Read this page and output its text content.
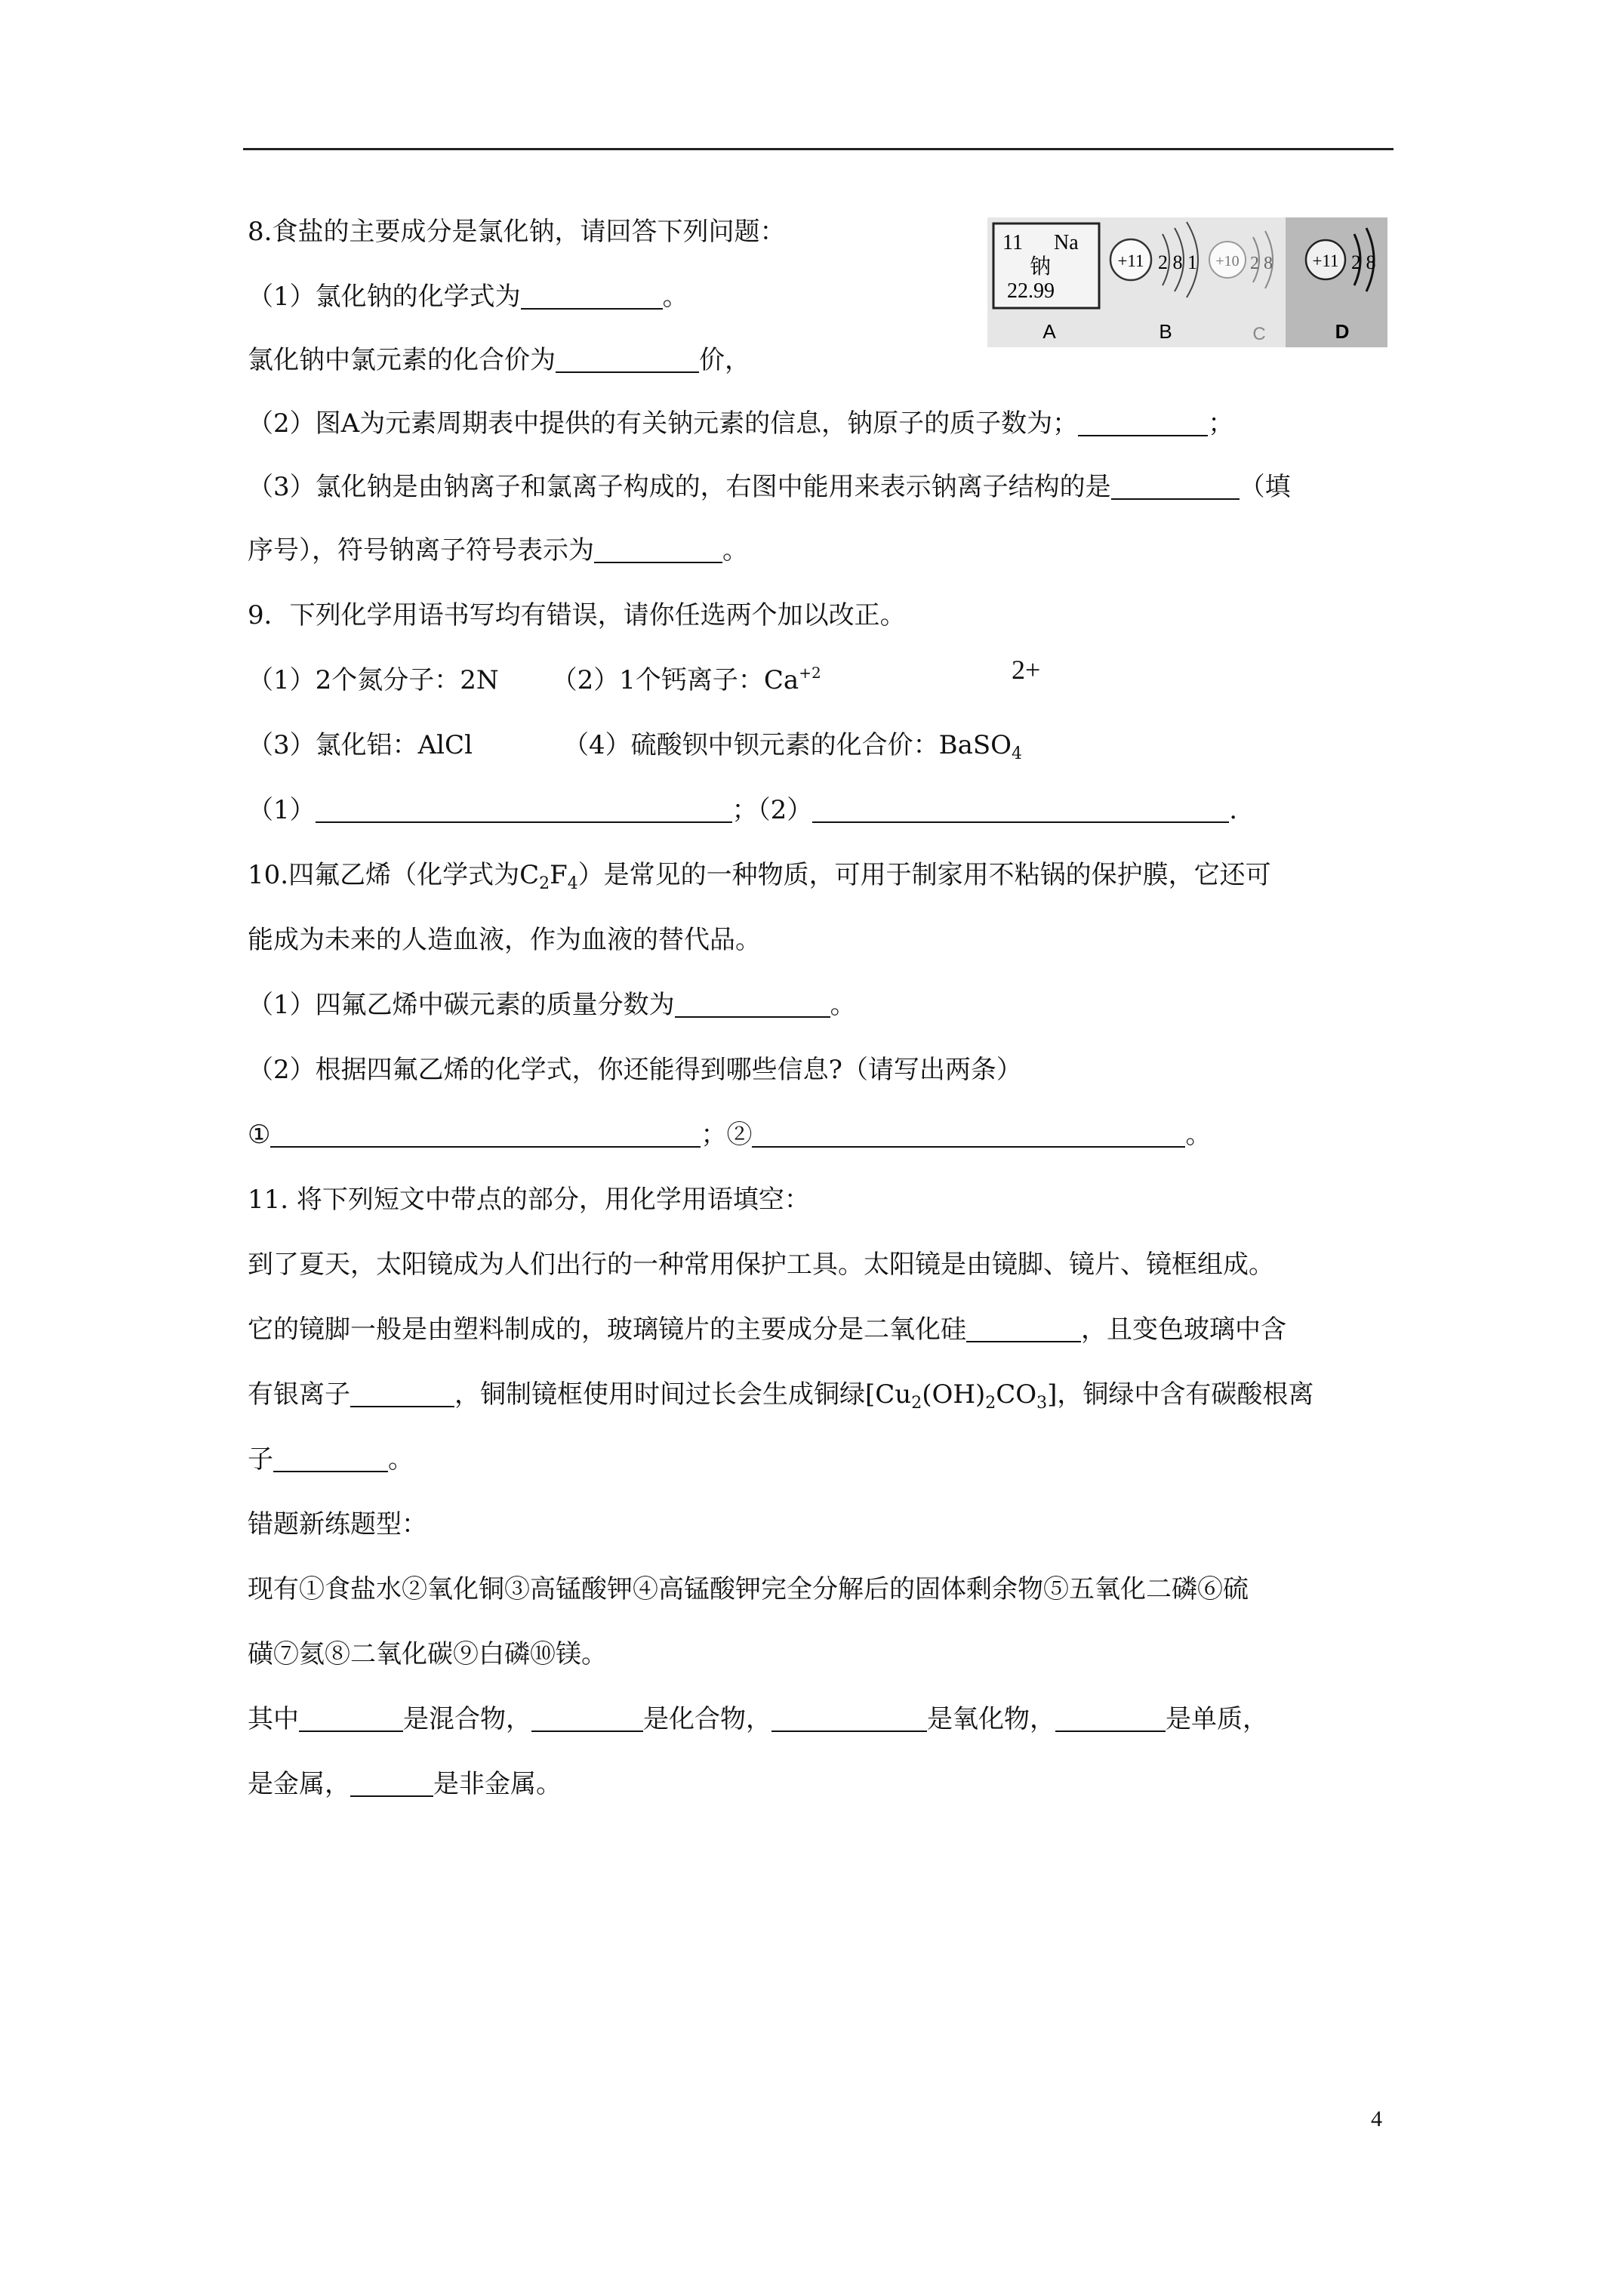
8.食盐的主要成分是氯化钠，请回答下列问题：
（1）氯化钠的化学式为	。
氯化钠中氯元素的化合价为	价，
（2）图A为元素周期表中提供的有关钠元素的信息，钠原子的质子数为；	；
（3）氯化钠是由钠离子和氯离子构成的，右图中能用来表示钠离子结构的是	（填
序号），符号钠离子符号表示为	。
11 Na
钠
22.99
+11 2 8 1 +10 2 8 +11 2 8
A	B	C	D
9．下列化学用语书写均有错误，请你任选两个加以改正。
（1）2个氮分子：2N （2）1个钙离子：$Ca^{+2}$	2+
（3）氯化铝：AlCl	（4）硫酸钡中钡元素的化合价：BaSO$_4$
（1）	；（2）	.
10.四氟乙烯（化学式为$C_2F_4$）是常见的一种物质，可用于制家用不粘锅的保护膜，它还可
能成为未来的人造血液，作为血液的替代品。
（1）四氟乙烯中碳元素的质量分数为	。
（2）根据四氟乙烯的化学式，你还能得到哪些信息?（请写出两条）
①	；②	。
11. 将下列短文中带点的部分，用化学用语填空：
到了夏天，太阳镜成为人们出行的一种常用保护工具。太阳镜是由镜脚、镜片、镜框组成。
它的镜脚一般是由塑料制成的，玻璃镜片的主要成分是二氧化硅	，且变色玻璃中含
有银离子	，铜制镜框使用时间过长会生成铜绿$[Cu_2(OH)_2CO_3]$，铜绿中含有碳酸根离
子	。
错题新练题型：
现有①食盐水②氧化铜③高锰酸钾④高锰酸钾完全分解后的固体剩余物⑤五氧化二磷⑥硫
磺⑦氦⑧二氧化碳⑨白磷⑩镁。
其中	是混合物，	是化合物，	是氧化物，	是单质，
是金属，	是非金属。
4
